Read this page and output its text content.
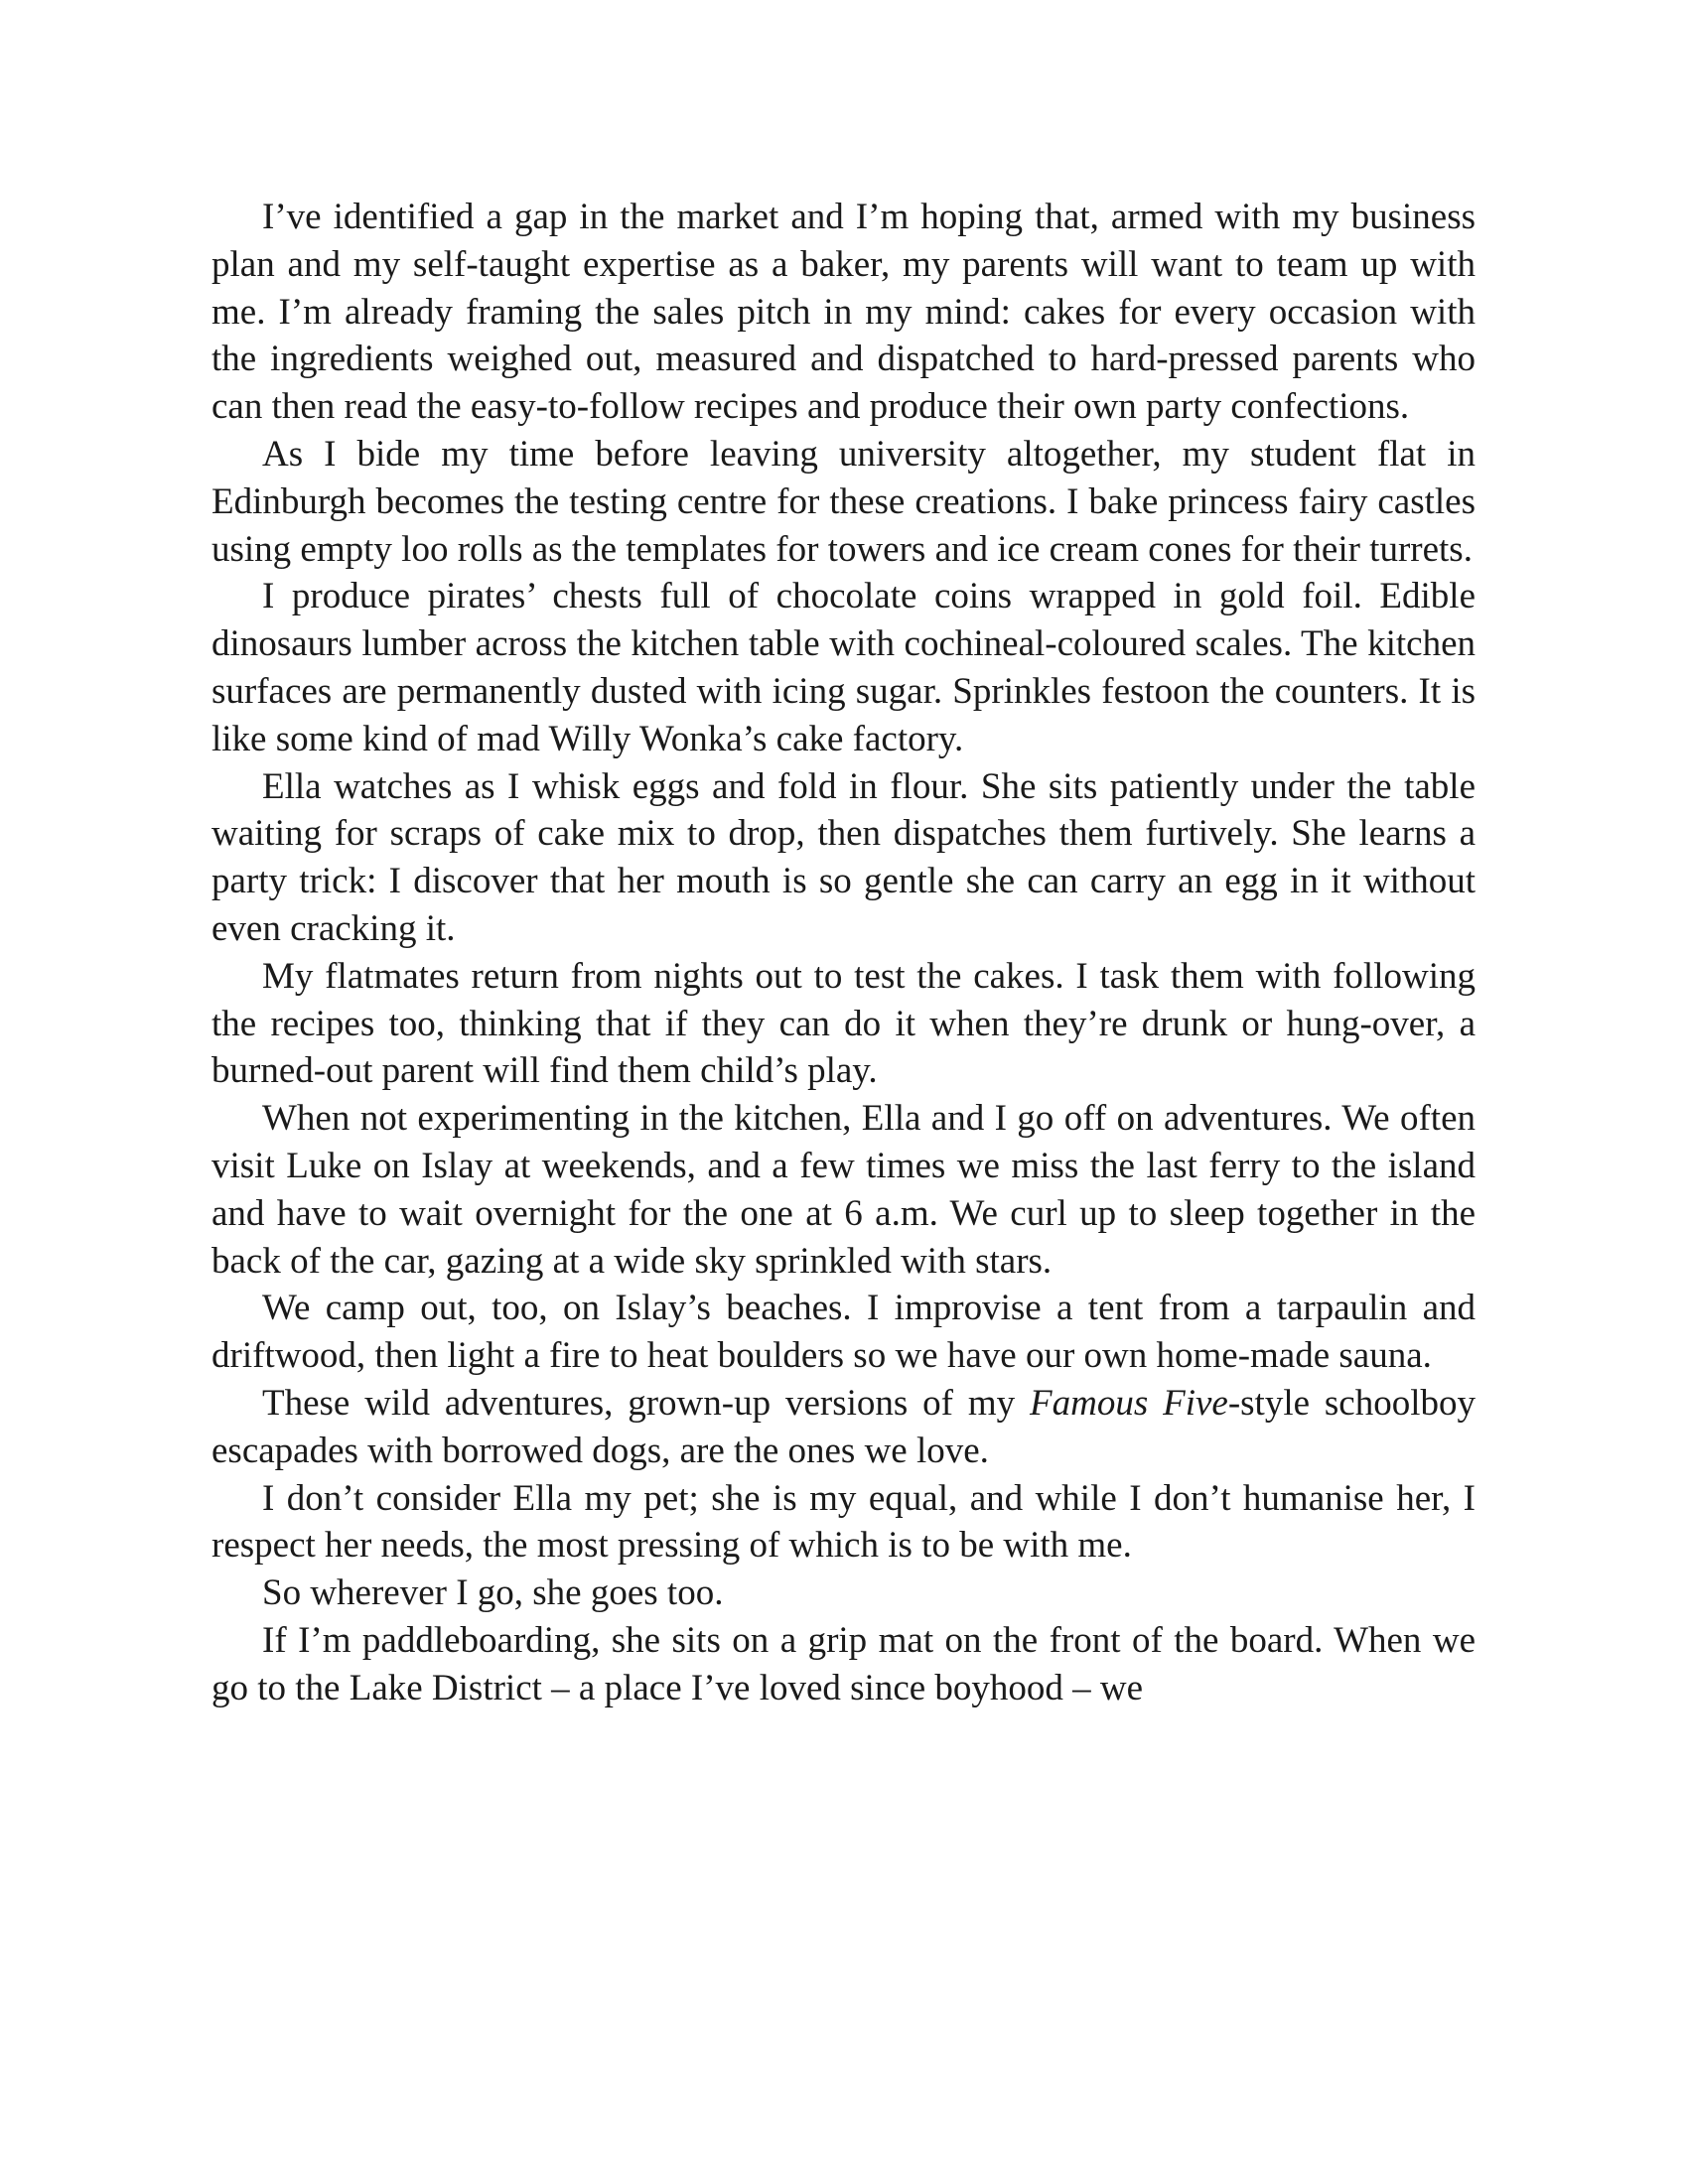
I’ve identified a gap in the market and I’m hoping that, armed with my business plan and my self-taught expertise as a baker, my parents will want to team up with me. I’m already framing the sales pitch in my mind: cakes for every occasion with the ingredients weighed out, measured and dispatched to hard-pressed parents who can then read the easy-to-follow recipes and produce their own party confections.

As I bide my time before leaving university altogether, my student flat in Edinburgh becomes the testing centre for these creations. I bake princess fairy castles using empty loo rolls as the templates for towers and ice cream cones for their turrets.

I produce pirates’ chests full of chocolate coins wrapped in gold foil. Edible dinosaurs lumber across the kitchen table with cochineal-coloured scales. The kitchen surfaces are permanently dusted with icing sugar. Sprinkles festoon the counters. It is like some kind of mad Willy Wonka’s cake factory.

Ella watches as I whisk eggs and fold in flour. She sits patiently under the table waiting for scraps of cake mix to drop, then dispatches them furtively. She learns a party trick: I discover that her mouth is so gentle she can carry an egg in it without even cracking it.

My flatmates return from nights out to test the cakes. I task them with following the recipes too, thinking that if they can do it when they’re drunk or hung-over, a burned-out parent will find them child’s play.

When not experimenting in the kitchen, Ella and I go off on adventures. We often visit Luke on Islay at weekends, and a few times we miss the last ferry to the island and have to wait overnight for the one at 6 a.m. We curl up to sleep together in the back of the car, gazing at a wide sky sprinkled with stars.

We camp out, too, on Islay’s beaches. I improvise a tent from a tarpaulin and driftwood, then light a fire to heat boulders so we have our own home-made sauna.

These wild adventures, grown-up versions of my Famous Five-style schoolboy escapades with borrowed dogs, are the ones we love.

I don’t consider Ella my pet; she is my equal, and while I don’t humanise her, I respect her needs, the most pressing of which is to be with me.

So wherever I go, she goes too.

If I’m paddleboarding, she sits on a grip mat on the front of the board. When we go to the Lake District – a place I’ve loved since boyhood – we
